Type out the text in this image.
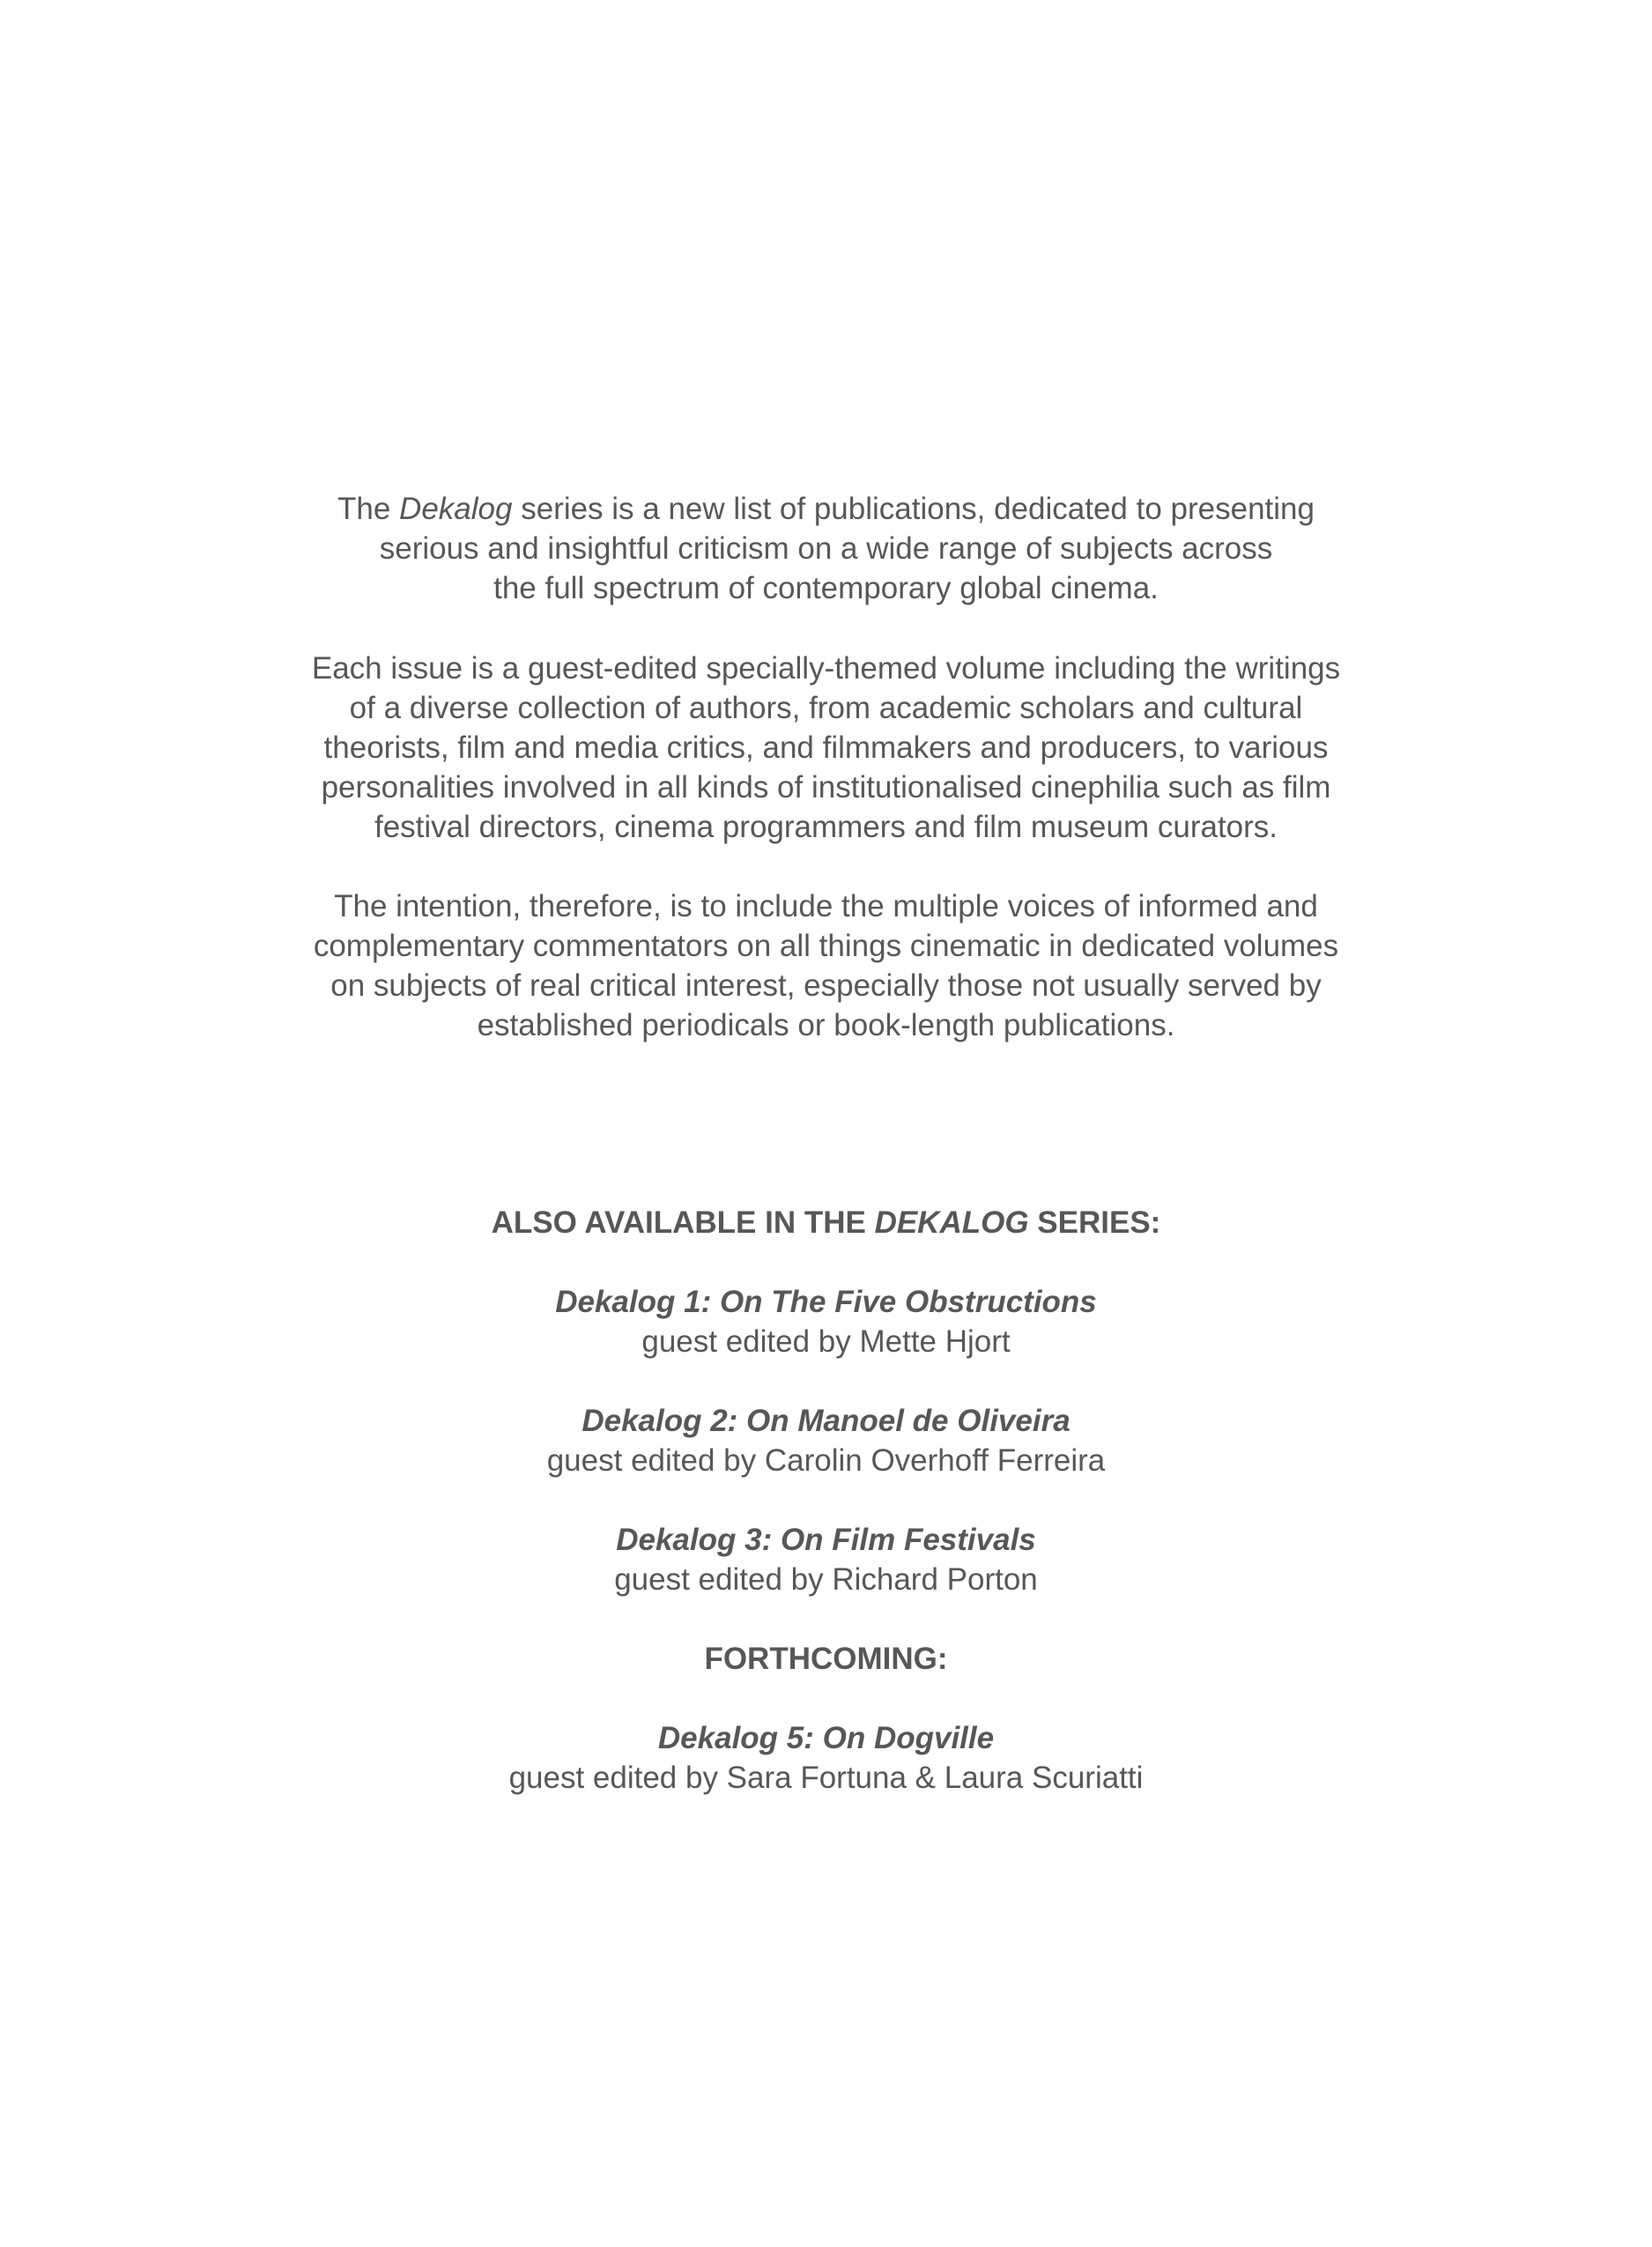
The Dekalog series is a new list of publications, dedicated to presenting
serious and insightful criticism on a wide range of subjects across
the full spectrum of contemporary global cinema.
Each issue is a guest-edited specially-themed volume including the writings
of a diverse collection of authors, from academic scholars and cultural
theorists, film and media critics, and filmmakers and producers, to various
personalities involved in all kinds of institutionalised cinephilia such as film
festival directors, cinema programmers and film museum curators.
The intention, therefore, is to include the multiple voices of informed and
complementary commentators on all things cinematic in dedicated volumes
on subjects of real critical interest, especially those not usually served by
established periodicals or book-length publications.
ALSO AVAILABLE IN THE DEKALOG SERIES:
Dekalog 1: On The Five Obstructions
guest edited by Mette Hjort
Dekalog 2: On Manoel de Oliveira
guest edited by Carolin Overhoff Ferreira
Dekalog 3: On Film Festivals
guest edited by Richard Porton
FORTHCOMING:
Dekalog 5: On Dogville
guest edited by Sara Fortuna & Laura Scuriatti
